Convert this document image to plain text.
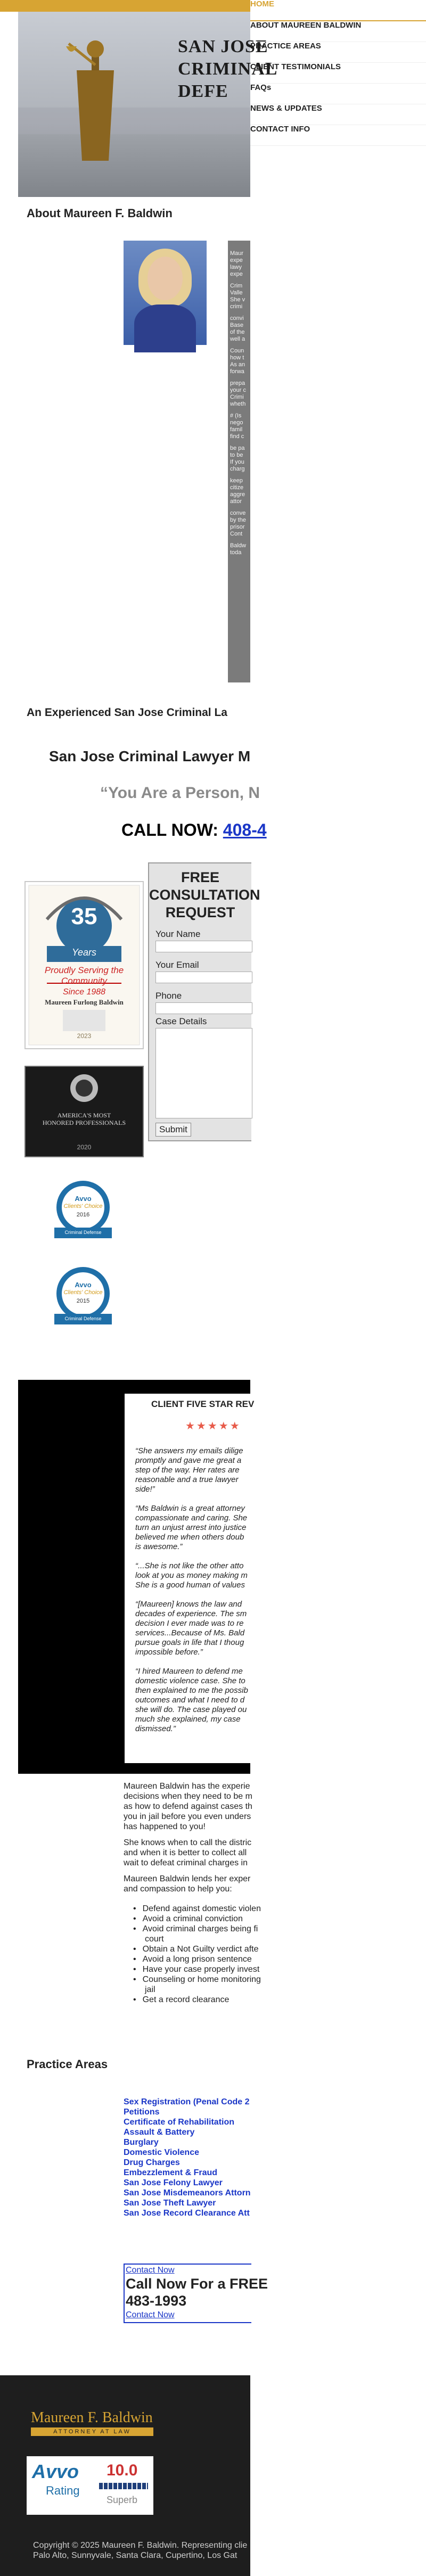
SAN JOSE
CRIMINAL DEFE
About Maureen F. Baldwin
Maur
expe
lawy
expe
Crim
Valle
She v
crimi
convi
Base
of the
well a
Coun
how t
As an
forwa
prepa
your c
Crimi
wheth
# (Is
nego
famil
find c
be pa
to be
If you
charg
keep
citize
aggre
attor
conve
by the
prisor
Cont
Baldw
toda
An Experienced San Jose Criminal La
San Jose Criminal Lawyer M
“You Are a Person, N
CALL NOW: 408-4
35
Years
Proudly Serving the Community
Since 1988
Maureen Furlong Baldwin
2023
AMERICA'S MOST HONORED PROFESSIONALS
2020
Avvo
Clients' Choice
2016
Criminal Defense
Avvo
Clients' Choice
2015
Criminal Defense
FREE CONSULTATION REQUEST
Your Name
Your Email
Phone
Case Details
Submit
CLIENT FIVE STAR REV
★★★★★

“She answers my emails dilige

promptly and gave me great a

step of the way. Her rates are

reasonable and a true lawyer

side!”

“Ms Baldwin is a great attorney

compassionate and caring. She

turn an unjust arrest into justice

believed me when others doub

is awesome.”

“...She is not like the other atto

look at you as money making m

She is a good human of values

“[Maureen] knows the law and

decades of experience. The sm

decision I ever made was to re

services...Because of Ms. Bald

pursue goals in life that I thoug

impossible before.”

“I hired Maureen to defend me

domestic violence case. She to

then explained to me the possib

outcomes and what I need to d

she will do. The case played ou

much she explained, my case

dismissed.”

Maureen Baldwin has the experie
decisions when they need to be m
as how to defend against cases th
you in jail before you even unders
has happened to you!
She knows when to call the distric
and when it is better to collect all
wait to defeat criminal charges in
Maureen Baldwin lends her exper
and compassion to help you:
• Defend against domestic violen
• Avoid a criminal conviction
• Avoid criminal charges being fi
court
• Obtain a Not Guilty verdict afte
• Avoid a long prison sentence
• Have your case properly invest
• Counseling or home monitoring
jail
• Get a record clearance
Practice Areas
Sex Registration (Penal Code 2
Petitions
Certificate of Rehabilitation
Assault & Battery
Burglary
Domestic Violence
Drug Charges
Embezzlement & Fraud
San Jose Felony Lawyer
San Jose Misdemeanors Attorn
San Jose Theft Lawyer
San Jose Record Clearance Att
Contact Now
Call Now For a FREE
483-1993
Contact Now
Maureen F. Baldwin
ATTORNEY AT LAW
Avvo
Rating
10.0
Superb
Copyright © 2025 Maureen F. Baldwin. Representing clie
Palo Alto, Sunnyvale, Santa Clara, Cupertino, Los Gat
HOME
ABOUT MAUREEN BALDWIN
PRACTICE AREAS
CLIENT TESTIMONIALS
FAQs
NEWS & UPDATES
CONTACT INFO
